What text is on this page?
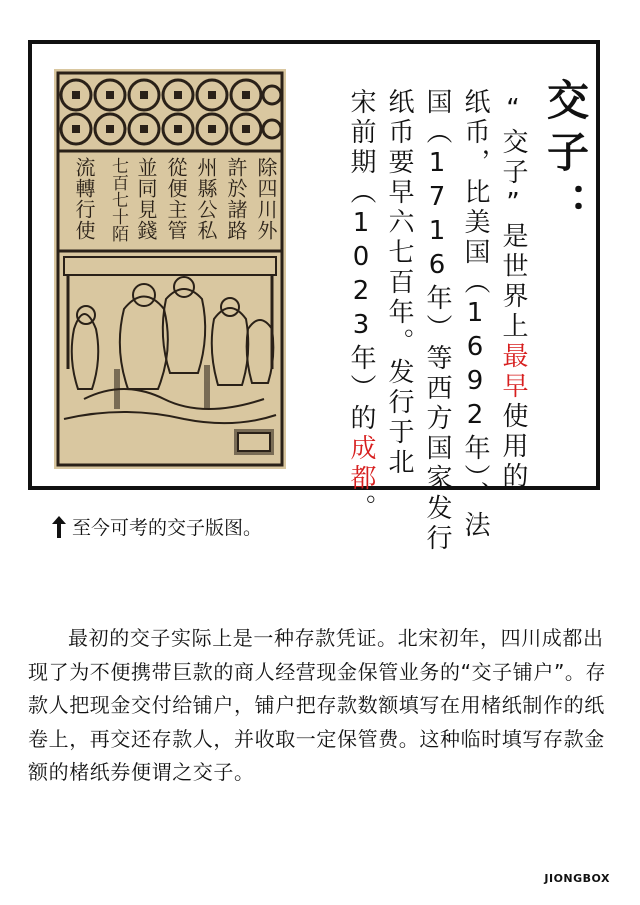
除四川外
許於諸路
州縣公私
從便主管
並同見錢
七百七十陌
流轉行使	交子：
“交子”是世界上最早使用的
纸币，比美国（1692年）、法
国（1716年）等西方国家发行
纸币要早六七百年。发行于北
宋前期（1023年）的成都。
至今可考的交子版图。

最初的交子实际上是一种存款凭证。北宋初年，四川成都出现了为不便携带巨款的商人经营现金保管业务的“交子铺户”。存款人把现金交付给铺户，铺户把存款数额填写在用楮纸制作的纸卷上，再交还存款人，并收取一定保管费。这种临时填写存款金额的楮纸券便谓之交子。

JIONGBOX
